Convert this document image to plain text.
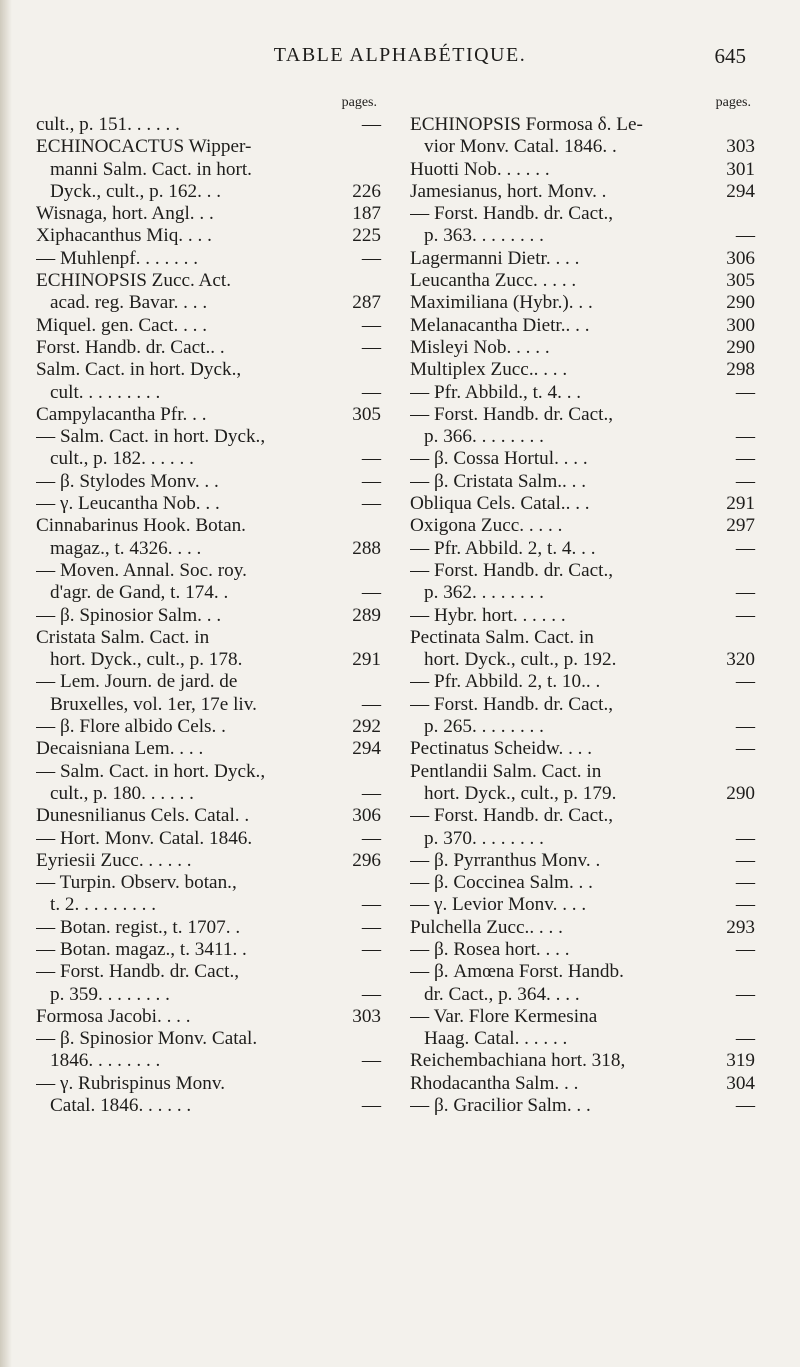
TABLE ALPHABÉTIQUE.	645
pages.
cult., p. 151. . . . . .	—
ECHINOCACTUS Wipper-
manni Salm. Cact. in hort.
Dyck., cult., p. 162. . .	226
Wisnaga, hort. Angl. . .	187
Xiphacanthus Miq. . . .	225
— Muhlenpf. . . . . . .	—
ECHINOPSIS Zucc. Act.
acad. reg. Bavar. . . .	287
Miquel. gen. Cact. . . .	—
Forst. Handb. dr. Cact.. .	—
Salm. Cact. in hort. Dyck.,
cult. . . . . . . . .	—
Campylacantha Pfr. . .	305
— Salm. Cact. in hort. Dyck.,
cult., p. 182. . . . . .	—
— β. Stylodes Monv. . .	—
— γ. Leucantha Nob. . .	—
Cinnabarinus Hook. Botan.
magaz., t. 4326. . . .	288
— Moven. Annal. Soc. roy.
d'agr. de Gand, t. 174. .	—
— β. Spinosior Salm. . .	289
Cristata Salm. Cact. in
hort. Dyck., cult., p. 178.	291
— Lem. Journ. de jard. de
Bruxelles, vol. 1er, 17e liv.	—
— β. Flore albido Cels. .	292
Decaisniana Lem. . . .	294
— Salm. Cact. in hort. Dyck.,
cult., p. 180. . . . . .	—
Dunesnilianus Cels. Catal. .	306
— Hort. Monv. Catal. 1846.	—
Eyriesii Zucc. . . . . .	296
— Turpin. Observ. botan.,
t. 2. . . . . . . . .	—
— Botan. regist., t. 1707. .	—
— Botan. magaz., t. 3411. .	—
— Forst. Handb. dr. Cact.,
p. 359. . . . . . . .	—
Formosa Jacobi. . . .	303
— β. Spinosior Monv. Catal.
1846. . . . . . . .	—
— γ. Rubrispinus Monv.
Catal. 1846. . . . . .	—
pages.
ECHINOPSIS Formosa δ. Le-
vior Monv. Catal. 1846. .	303
Huotti Nob. . . . . .	301
Jamesianus, hort. Monv. .	294
— Forst. Handb. dr. Cact.,
p. 363. . . . . . . .	—
Lagermanni Dietr. . . .	306
Leucantha Zucc. . . . .	305
Maximiliana (Hybr.). . .	290
Melanacantha Dietr.. . .	300
Misleyi Nob. . . . .	290
Multiplex Zucc.. . . .	298
— Pfr. Abbild., t. 4. . .	—
— Forst. Handb. dr. Cact.,
p. 366. . . . . . . .	—
— β. Cossa Hortul. . . .	—
— β. Cristata Salm.. . .	—
Obliqua Cels. Catal.. . .	291
Oxigona Zucc. . . . .	297
— Pfr. Abbild. 2, t. 4. . .	—
— Forst. Handb. dr. Cact.,
p. 362. . . . . . . .	—
— Hybr. hort. . . . . .	—
Pectinata Salm. Cact. in
hort. Dyck., cult., p. 192.	320
— Pfr. Abbild. 2, t. 10.. .	—
— Forst. Handb. dr. Cact.,
p. 265. . . . . . . .	—
Pectinatus Scheidw. . . .	—
Pentlandii Salm. Cact. in
hort. Dyck., cult., p. 179.	290
— Forst. Handb. dr. Cact.,
p. 370. . . . . . . .	—
— β. Pyrranthus Monv. .	—
— β. Coccinea Salm. . .	—
— γ. Levior Monv. . . .	—
Pulchella Zucc.. . . .	293
— β. Rosea hort. . . .	—
— β. Amœna Forst. Handb.
dr. Cact., p. 364. . . .	—
— Var. Flore Kermesina
Haag. Catal. . . . . .	—
Reichembachiana hort. 318,	319
Rhodacantha Salm. . .	304
— β. Gracilior Salm. . .	—
